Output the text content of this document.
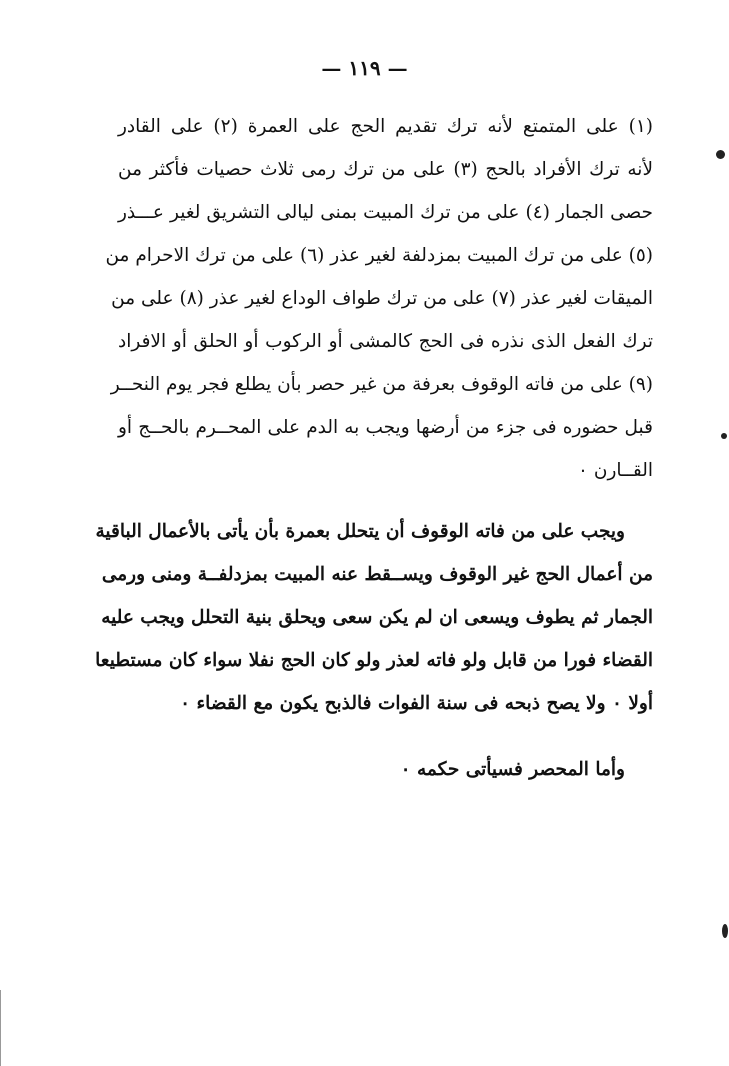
— ١١٩ —
(١) على المتمتع لأنه ترك تقديم الحج على العمرة (٢) على القادر
لأنه ترك الأفراد بالحج (٣) على من ترك رمى ثلاث حصيات فأكثر من
حصى الجمار (٤) على من ترك المبيت بمنى ليالى التشريق لغير عـــذر
(٥) على من ترك المبيت بمزدلفة لغير عذر (٦) على من ترك الاحرام من
الميقات لغير عذر (٧) على من ترك طواف الوداع لغير عذر (٨) على من
ترك الفعل الذى نذره فى الحج كالمشى أو الركوب أو الحلق أو الافراد
(٩) على من فاته الوقوف بعرفة من غير حصر بأن يطلع فجر يوم النحــر
قبل حضوره فى جزء من أرضها ويجب به الدم على المحــرم بالحــج أو
القــارن ٠
ويجب على من فاته الوقوف أن يتحلل بعمرة بأن يأتى بالأعمال الباقية
من أعمال الحج غير الوقوف ويســقط عنه المبيت بمزدلفــة ومنى ورمى
الجمار ثم يطوف ويسعى ان لم يكن سعى ويحلق بنية التحلل ويجب عليه
القضاء فورا من قابل ولو فاته لعذر ولو كان الحج نفلا سواء كان مستطيعا
أولا ٠ ولا يصح ذبحه فى سنة الفوات فالذبح يكون مع القضاء ٠
وأما المحصر فسيأتى حكمه ٠
